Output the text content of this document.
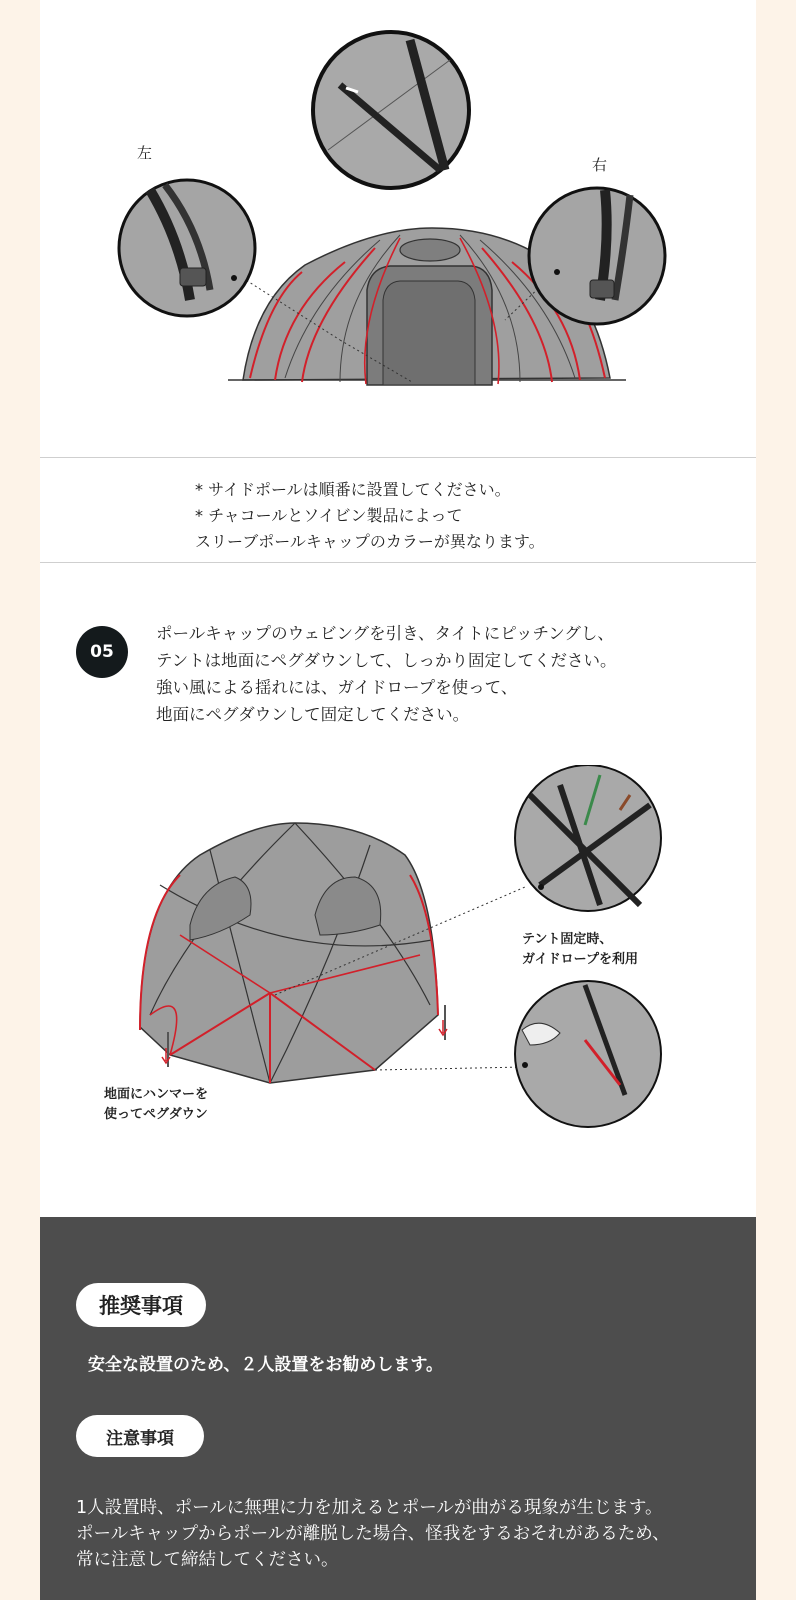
左
右
* サイドポールは順番に設置してください。
* チャコールとソイビン製品によって
スリーブポールキャップのカラーが異なります。
05
ポールキャップのウェビングを引き、タイトにピッチングし、
テントは地面にペグダウンして、しっかり固定してください。
強い風による揺れには、ガイドロープを使って、
地面にペグダウンして固定してください。
テント固定時、
ガイドロープを利用
地面にハンマーを
使ってペグダウン
推奨事項
安全な設置のため、２人設置をお勧めします。
注意事項
1人設置時、ポールに無理に力を加えるとポールが曲がる現象が生じます。
ポールキャップからポールが離脱した場合、怪我をするおそれがあるため、
常に注意して締結してください。
